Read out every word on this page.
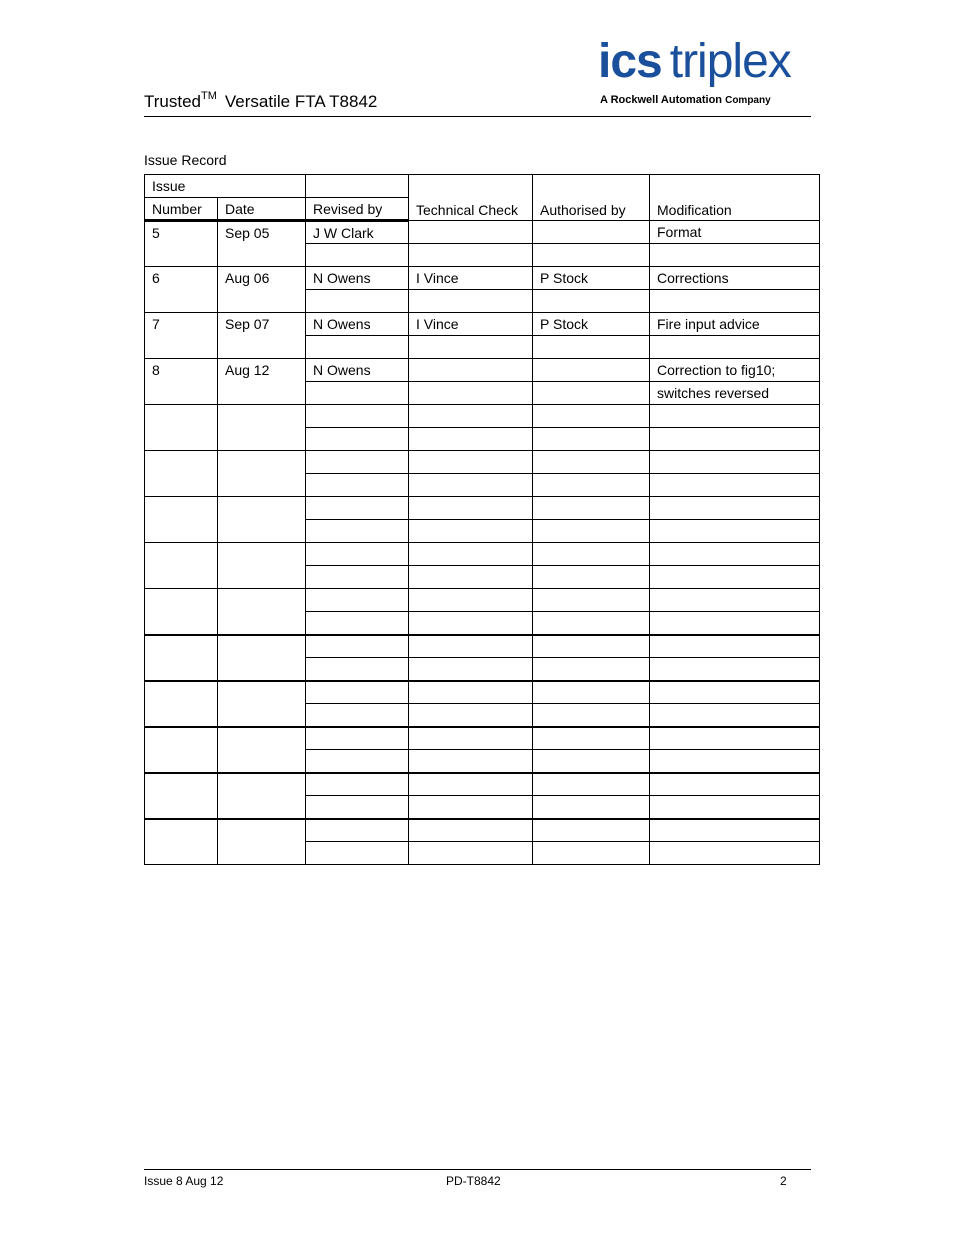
Trusted™ Versatile FTA T8842
ics triplex
A Rockwell Automation Company
Issue Record
Issue			Technical Check	Authorised by	Modification
Number	Date	Revised by			
5	Sep 05	J W Clark			Format

6	Aug 06	N Owens	I Vince	P Stock	Corrections

7	Sep 07	N Owens	I Vince	P Stock	Fire input advice

8	Aug 12	N Owens			Correction to fig10;
					switches reversed

Issue 8 Aug 12	PD-T8842	2
